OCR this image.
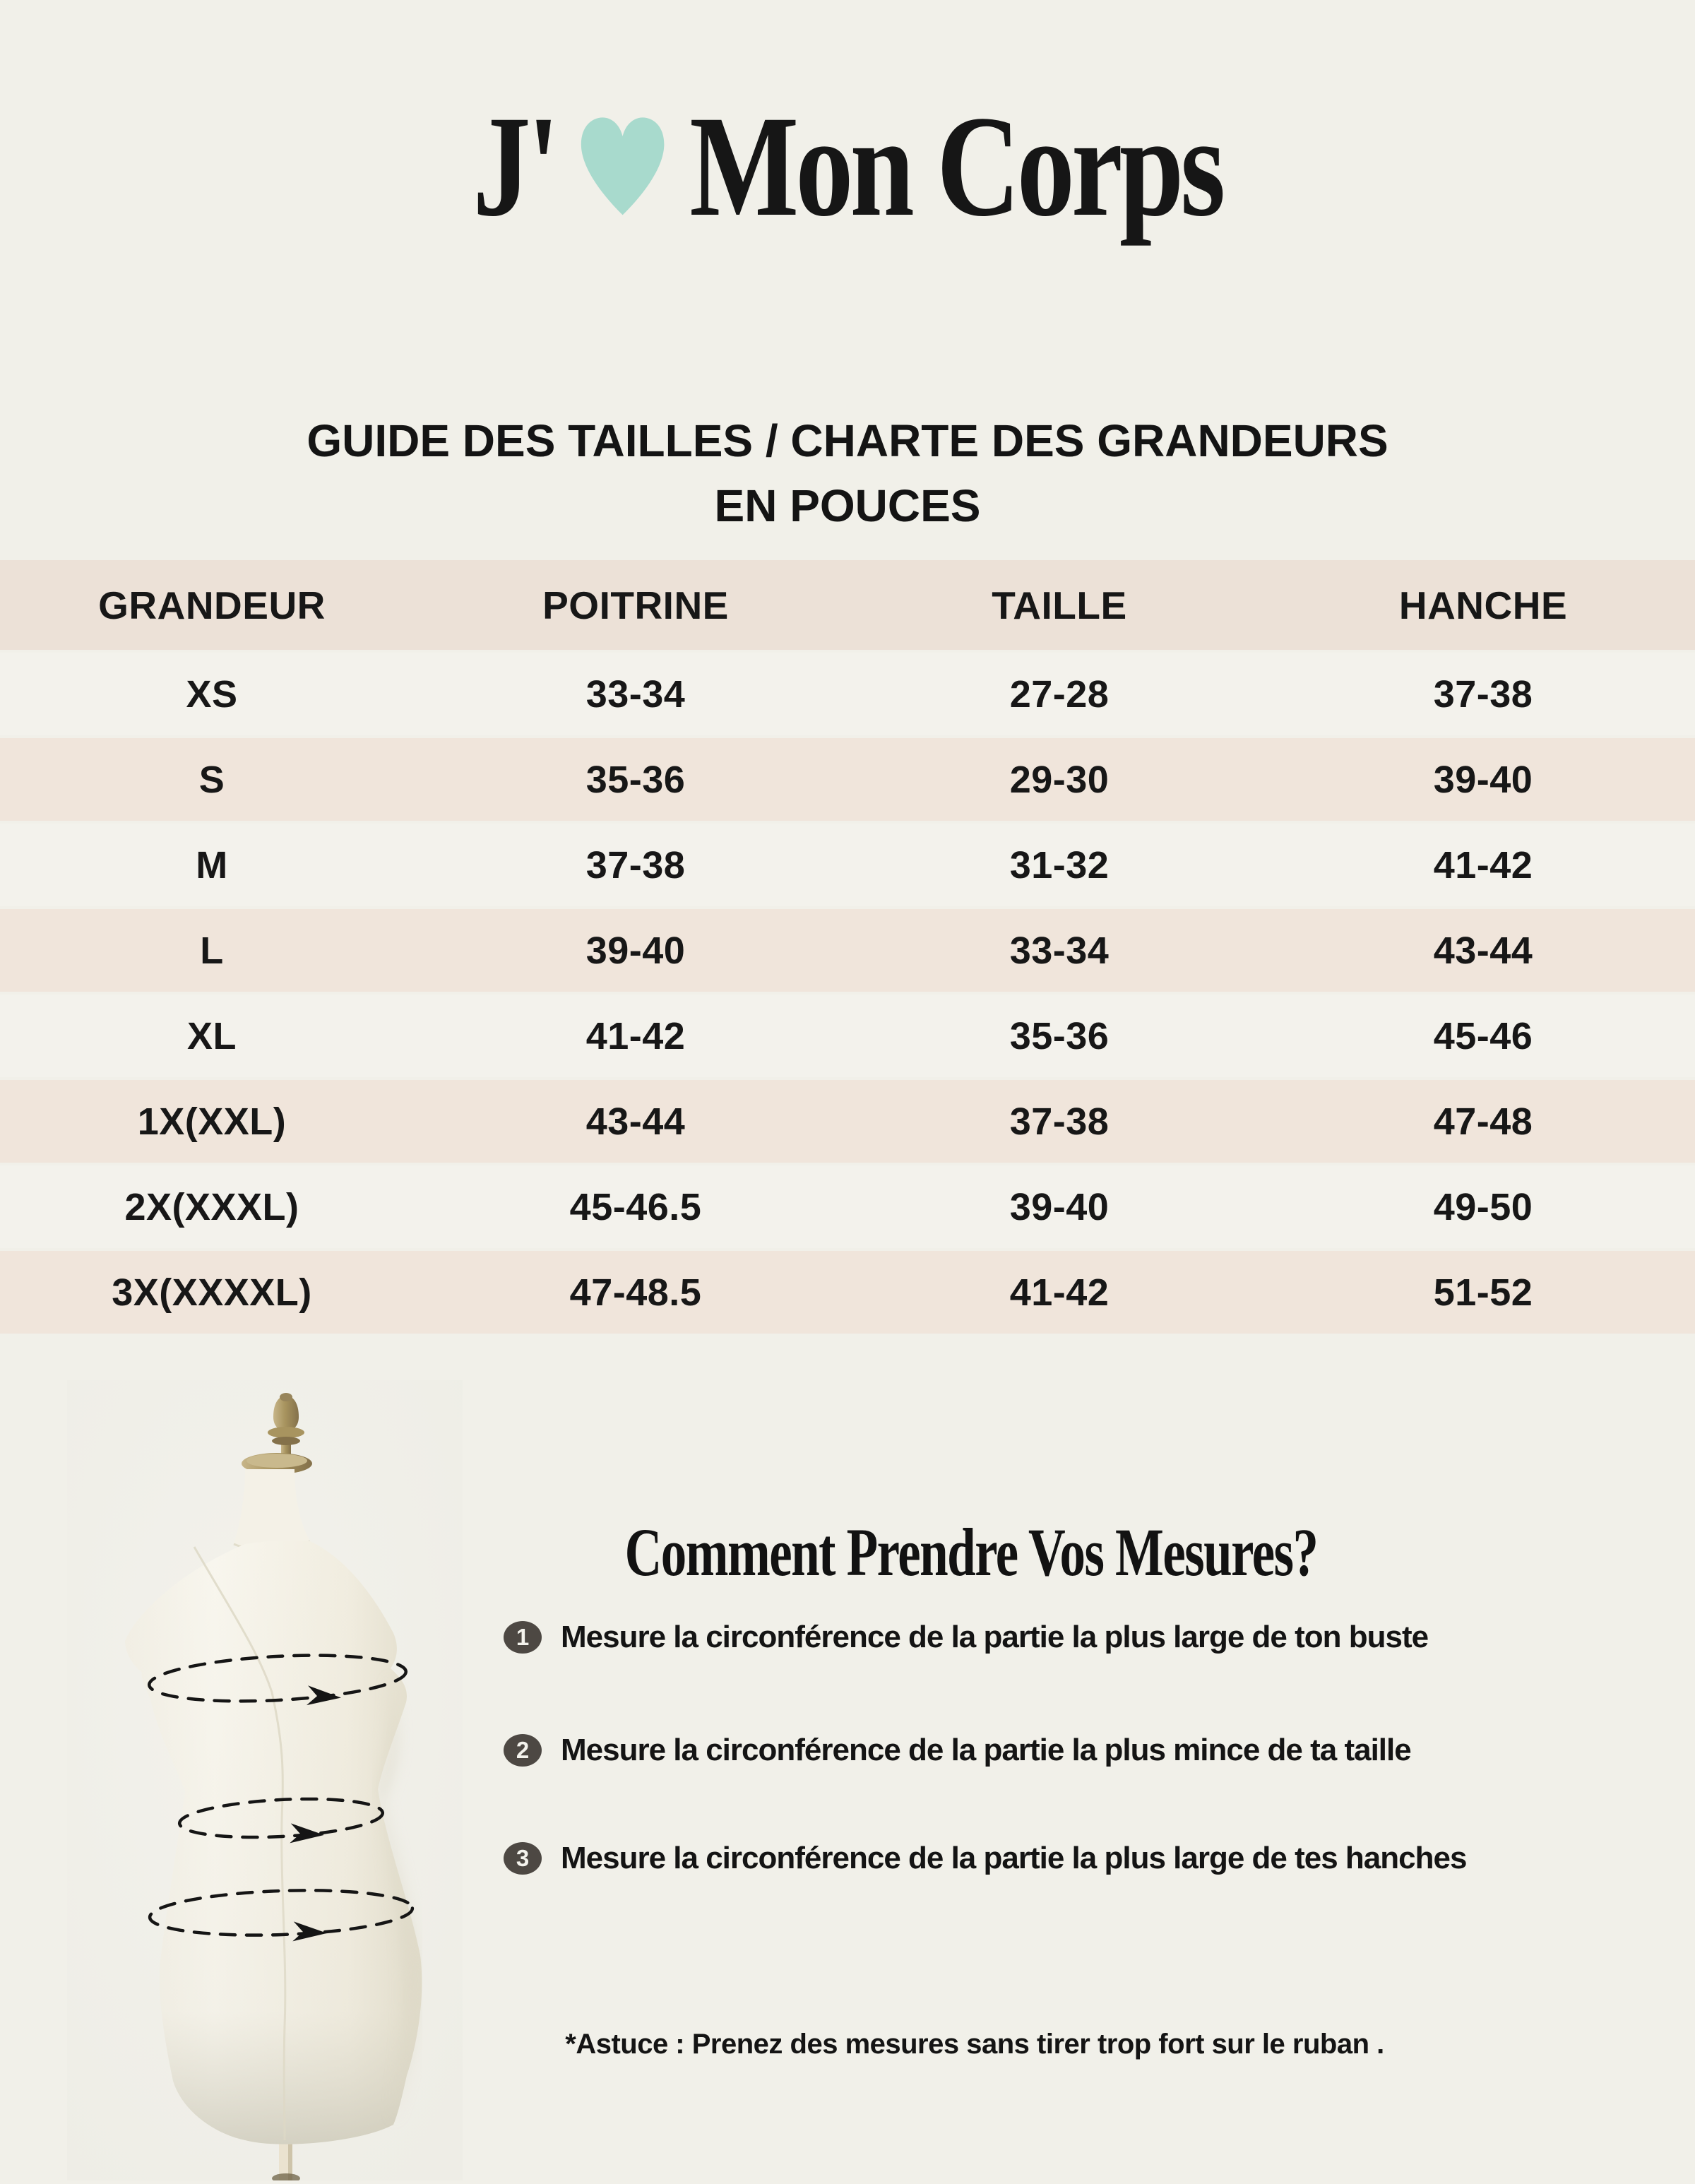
J' Mon Corps
GUIDE DES TAILLES / CHARTE DES GRANDEURS
EN POUCES
GRANDEUR	POITRINE	TAILLE	HANCHE
XS	33-34	27-28	37-38
S	35-36	29-30	39-40
M	37-38	31-32	41-42
L	39-40	33-34	43-44
XL	41-42	35-36	45-46
1X(XXL)	43-44	37-38	47-48
2X(XXXL)	45-46.5	39-40	49-50
3X(XXXXL)	47-48.5	41-42	51-52
Comment Prendre Vos Mesures?
1	Mesure la circonférence de la partie la plus large de ton buste
2	Mesure la circonférence de la partie la plus mince de ta taille
3	Mesure la circonférence de la partie la plus large de tes hanches
*Astuce : Prenez des mesures sans tirer trop fort sur le ruban .
